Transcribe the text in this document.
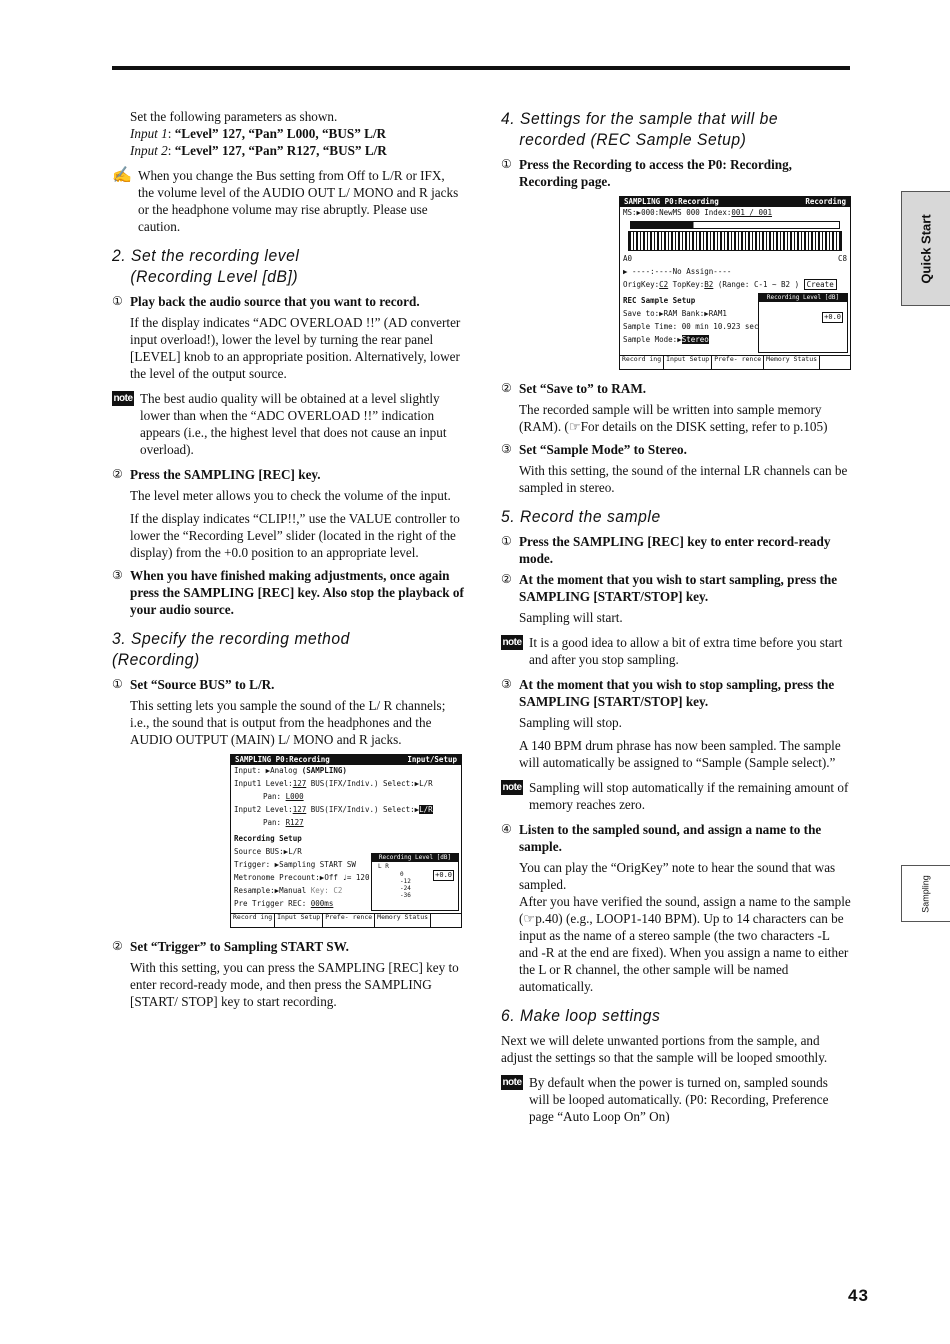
Set the following parameters as shown.

Input 1: “Level” 127, “Pan” L000, “BUS” L/R

Input 2: “Level” 127, “Pan” R127, “BUS” L/R

✍ When you change the Bus setting from Off to L/R or IFX, the volume level of the AUDIO OUT L/ MONO and R jacks or the headphone volume may rise abruptly. Please use caution.

2. Set the recording level
(Recording Level [dB])
① Play back the audio source that you want to record.

If the display indicates “ADC OVERLOAD !!” (AD converter input overload!), lower the level by turning the rear panel [LEVEL] knob to an appropriate position. Alternatively, lower the level of the output source.

note The best audio quality will be obtained at a level slightly lower than when the “ADC OVERLOAD !!” indication appears (i.e., the highest level that does not cause an input overload).

② Press the SAMPLING [REC] key.

The level meter allows you to check the volume of the input.

If the display indicates “CLIP!!,” use the VALUE controller to lower the “Recording Level” slider (located in the right of the display) from the +0.0 position to an appropriate level.

③ When you have finished making adjustments, once again press the SAMPLING [REC] key. Also stop the playback of your audio source.
3. Specify the recording method (Recording)
① Set “Source BUS” to L/R.

This setting lets you sample the sound of the L/ R channels; i.e., the sound that is output from the headphones and the AUDIO OUTPUT (MAIN) L/ MONO and R jacks.

SAMPLING P0:Recording	Input/Setup
Input: ▶Analog (SAMPLING)
Input1 Level:127 BUS(IFX/Indiv.) Select:▶L/R
Pan: L000
Input2 Level:127 BUS(IFX/Indiv.) Select:▶L/R
Pan: R127
Recording Setup
Source BUS:▶L/R
Trigger: ▶Sampling START SW
Metronome Precount:▶Off ♩= 120
Resample:▶Manual Key: C2
Pre Trigger REC: 000ms
Recording Level [dB]
L R
0 -12 -24 -36
+0.0
Record ing Input Setup Prefe- rence Memory Status
② Set “Trigger” to Sampling START SW.

With this setting, you can press the SAMPLING [REC] key to enter record-ready mode, and then press the SAMPLING [START/ STOP] key to start recording.

4. Settings for the sample that will be
recorded (REC Sample Setup)
① Press the Recording to access the P0: Recording, Recording page.
SAMPLING P0:Recording	Recording
MS:▶000:NewMS 000 Index:001 / 001
A0	C8
▶ ----:----No Assign----
OrigKey:C2 TopKey:B2 (Range: C-1 ~ B2 ) Create
REC Sample Setup
Save to:▶RAM Bank:▶RAM1
Sample Time: 00 min 10.923 sec
Sample Mode:▶Stereo
Recording Level [dB]
+0.0
Record ing Input Setup Prefe- rence Memory Status
② Set “Save to” to RAM.

The recorded sample will be written into sample memory (RAM). (☞For details on the DISK setting, refer to p.105)

③ Set “Sample Mode” to Stereo.

With this setting, the sound of the internal LR channels can be sampled in stereo.

5. Record the sample
① Press the SAMPLING [REC] key to enter record-ready mode.
② At the moment that you wish to start sampling, press the SAMPLING [START/STOP] key.

Sampling will start.

note It is a good idea to allow a bit of extra time before you start and after you stop sampling.

③ At the moment that you wish to stop sampling, press the SAMPLING [START/STOP] key.

Sampling will stop.

A 140 BPM drum phrase has now been sampled. The sample will automatically be assigned to “Sample (Sample select).”

note Sampling will stop automatically if the remaining amount of memory reaches zero.

④ Listen to the sampled sound, and assign a name to the sample.

You can play the “OrigKey” note to hear the sound that was sampled.

After you have verified the sound, assign a name to the sample (☞p.40) (e.g., LOOP1-140 BPM). Up to 14 characters can be input as the name of a stereo sample (the two characters -L and -R at the end are fixed). When you assign a name to either the L or R channel, the other sample will be named automatically.

6. Make loop settings

Next we will delete unwanted portions from the sample, and adjust the settings so that the sample will be looped smoothly.

note By default when the power is turned on, sampled sounds will be looped automatically. (P0: Recording, Preference page “Auto Loop On” On)

Quick Start
Sampling
43
